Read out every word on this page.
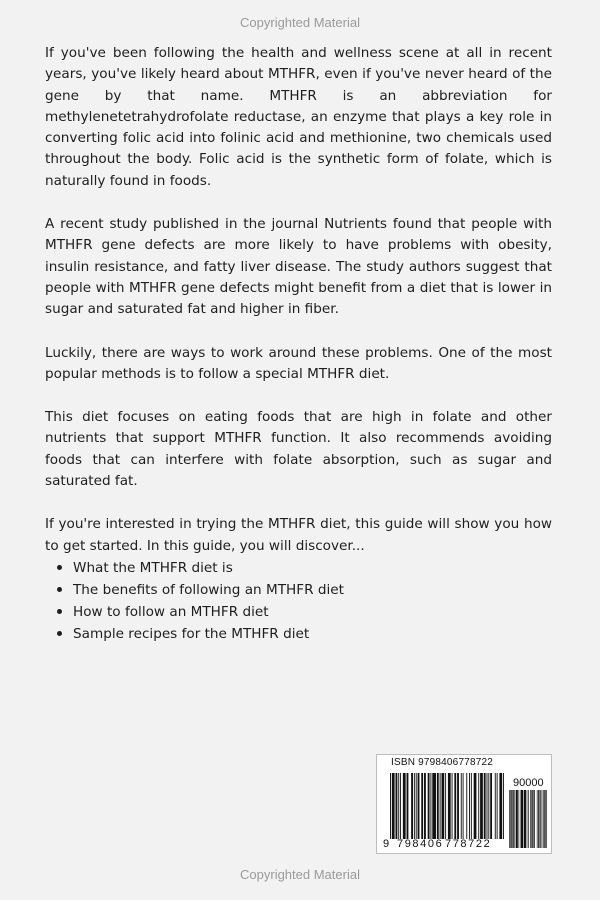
Copyrighted Material

If you've been following the health and wellness scene at all in recent years, you've likely heard about MTHFR, even if you've never heard of the gene by that name. MTHFR is an abbreviation for methylenetetrahydrofolate reductase, an enzyme that plays a key role in converting folic acid into folinic acid and methionine, two chemicals used throughout the body. Folic acid is the synthetic form of folate, which is naturally found in foods.

A recent study published in the journal Nutrients found that people with MTHFR gene defects are more likely to have problems with obesity, insulin resistance, and fatty liver disease. The study authors suggest that people with MTHFR gene defects might benefit from a diet that is lower in sugar and saturated fat and higher in fiber.

Luckily, there are ways to work around these problems. One of the most popular methods is to follow a special MTHFR diet.

This diet focuses on eating foods that are high in folate and other nutrients that support MTHFR function. It also recommends avoiding foods that can interfere with folate absorption, such as sugar and saturated fat.

If you're interested in trying the MTHFR diet, this guide will show you how to get started. In this guide, you will discover...

What the MTHFR diet is
The benefits of following an MTHFR diet
How to follow an MTHFR diet
Sample recipes for the MTHFR diet
ISBN 9798406778722
90000
9 798406 778722
Copyrighted Material
